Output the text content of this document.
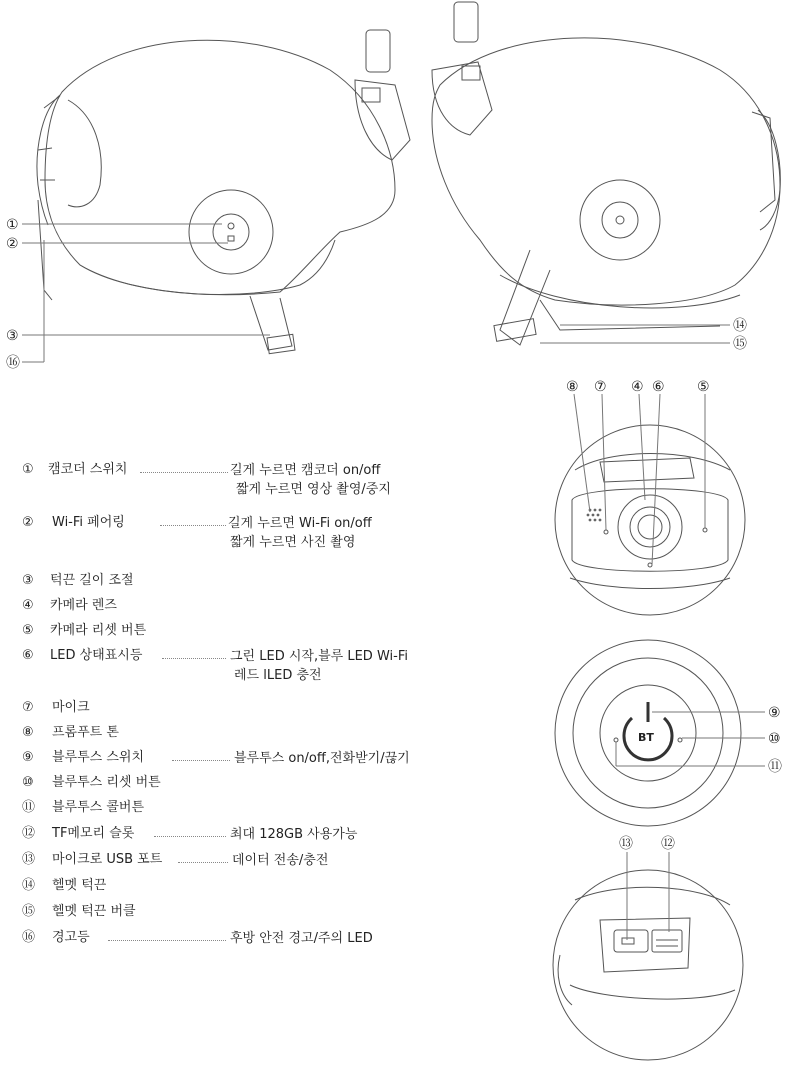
①
②
③
⑯
⑭
⑮
⑧ ⑦ ④ ⑥ ⑤
⑨
⑩
⑪
⑬ ⑫
BT
① 캠코더 스위치	길게 누르면 캠코더 on/off
짧게 누르면 영상 촬영/중지
② Wi-Fi 페어링	길게 누르면 Wi-Fi on/off
짧게 누르면 사진 촬영
③ 턱끈 길이 조절
④ 카메라 렌즈
⑤ 카메라 리셋 버튼
⑥ LED 상태표시등	그린 LED 시작,블루 LED Wi-Fi
레드 lLED 충전
⑦ 마이크
⑧ 프롬푸트 톤
⑨ 블루투스 스위치	블루투스 on/off,전화받기/끊기
⑩ 블루투스 리셋 버튼
⑪ 블루투스 콜버튼
⑫ TF메모리 슬롯	최대 128GB 사용가능
⑬ 마이크로 USB 포트	데이터 전송/충전
⑭ 헬멧 턱끈
⑮ 헬멧 턱끈 버클
⑯ 경고등	후방 안전 경고/주의 LED
